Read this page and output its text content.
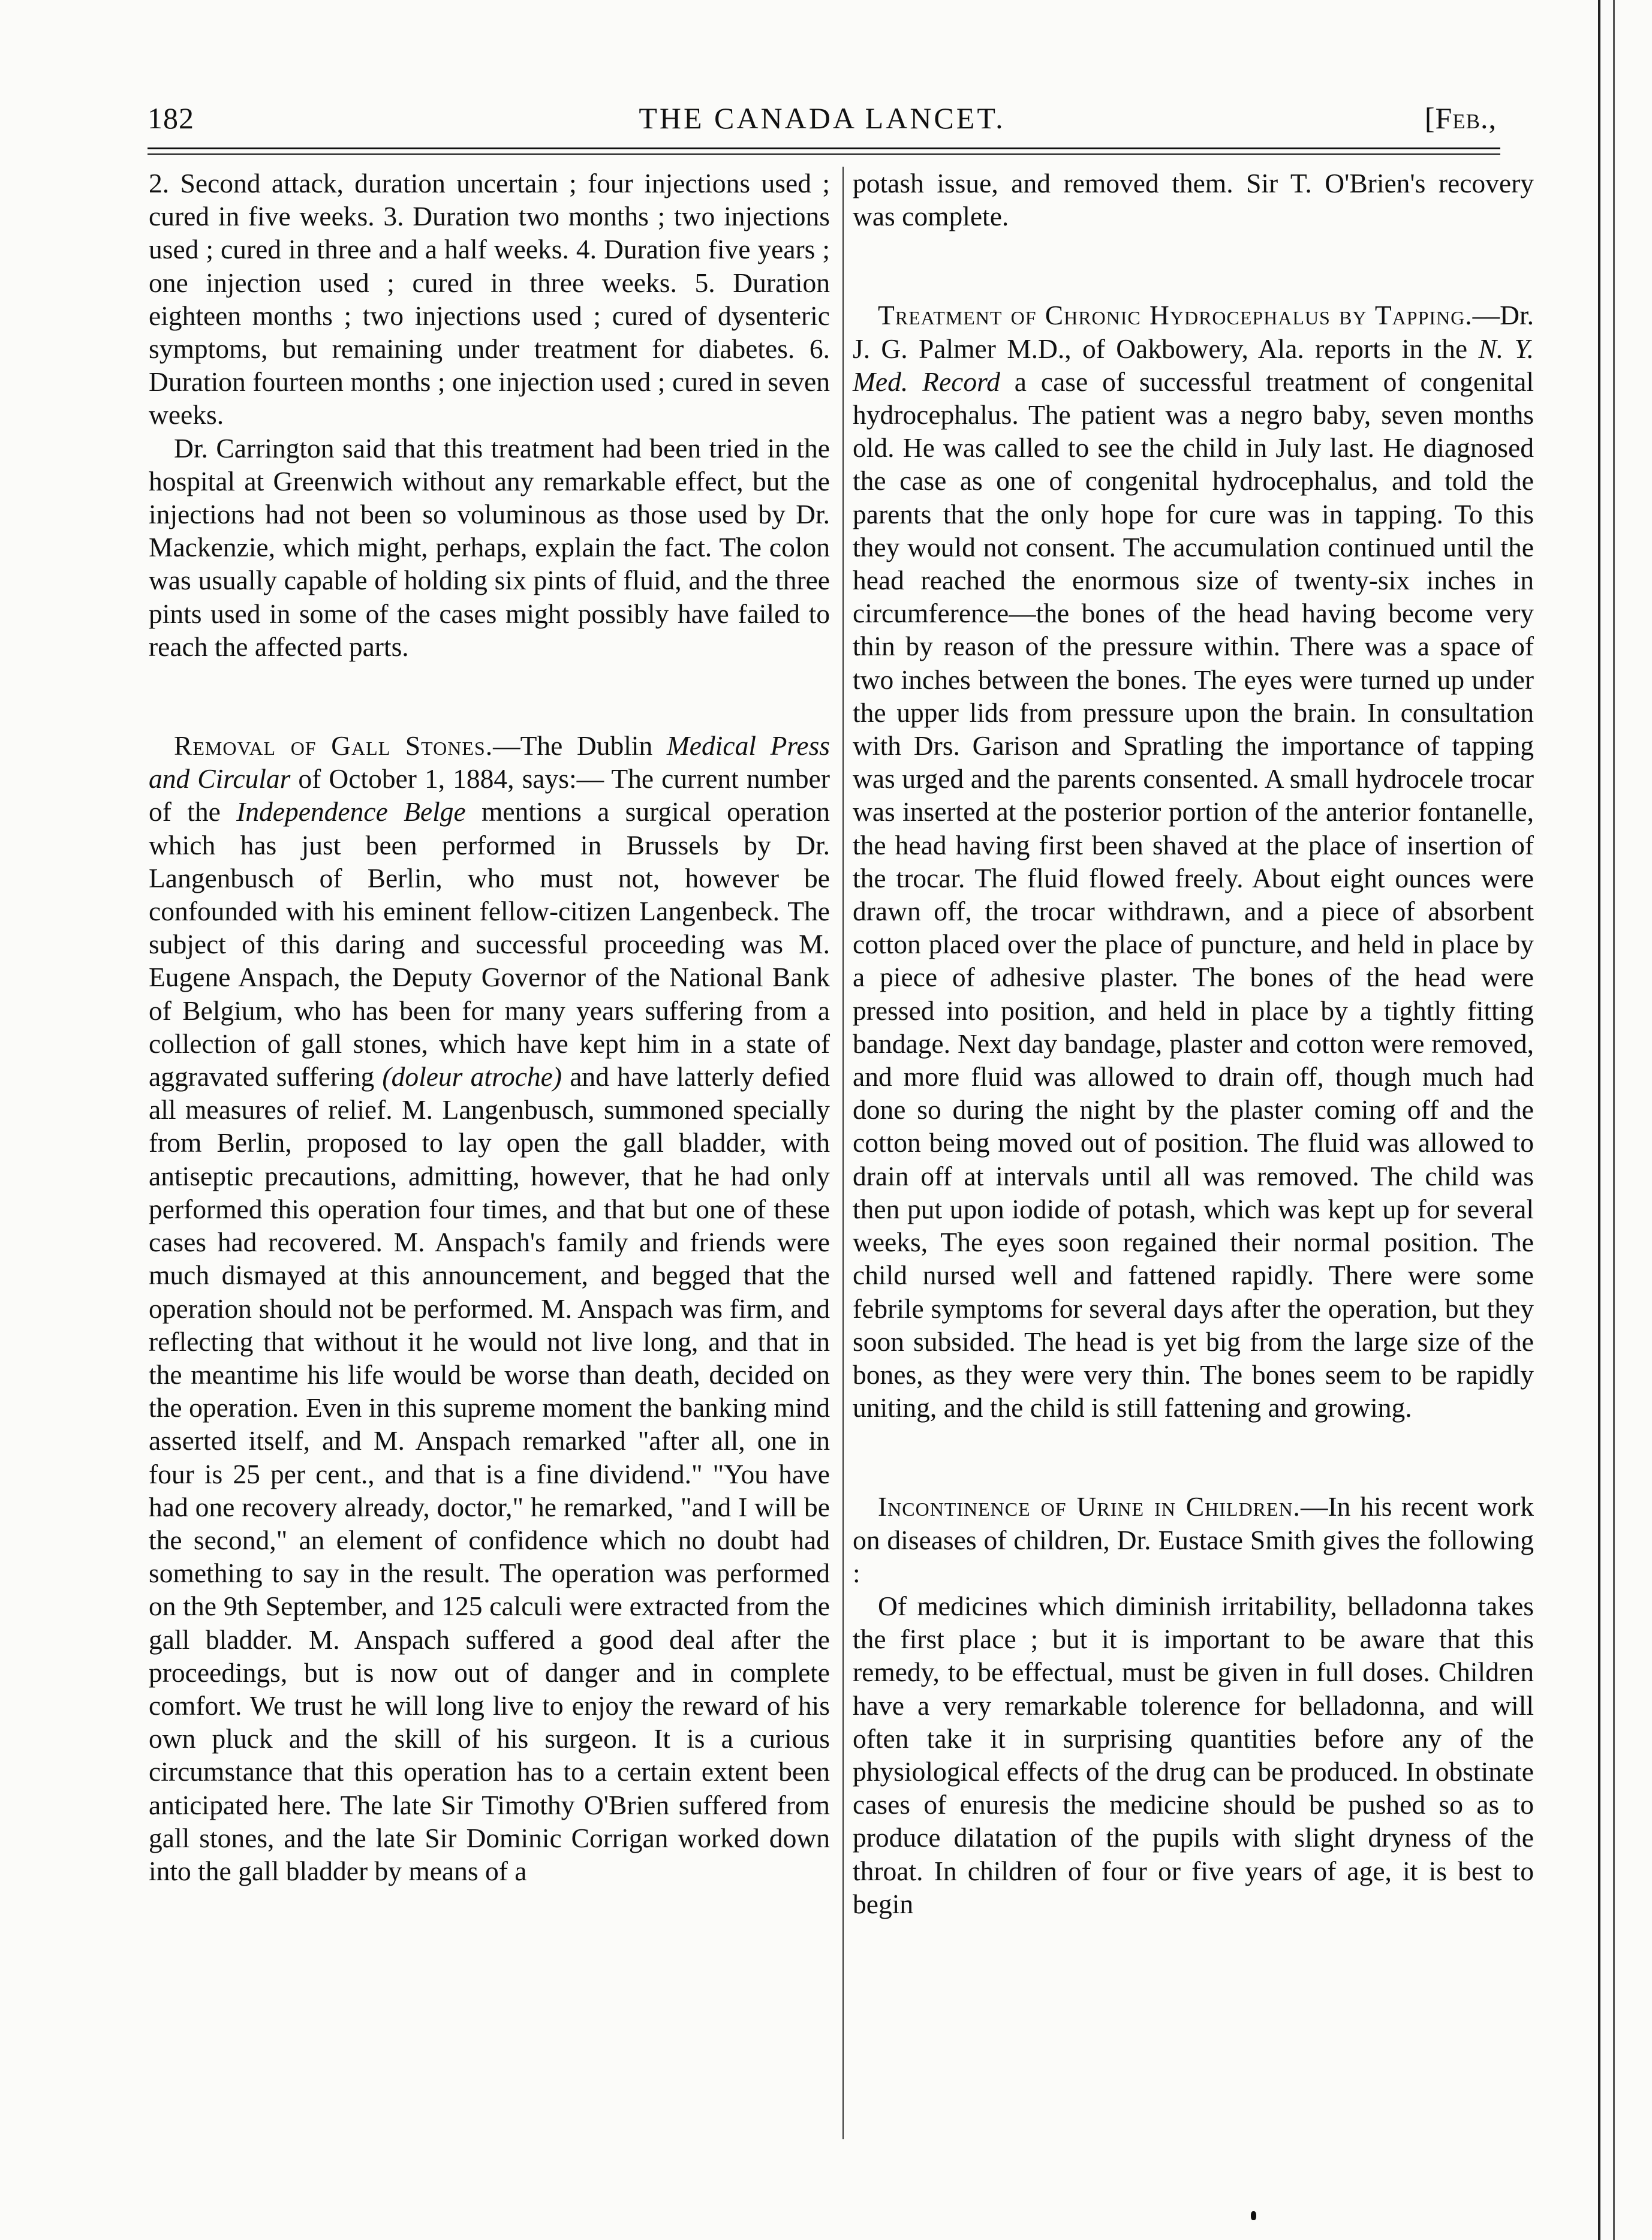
182	THE CANADA LANCET.	[Feb.,

2. Second attack, duration uncertain ; four injections used ; cured in five weeks. 3. Duration two months ; two injections used ; cured in three and a half weeks. 4. Duration five years ; one injection used ; cured in three weeks. 5. Duration eighteen months ; two injections used ; cured of dysenteric symptoms, but remaining under treatment for diabetes. 6. Duration fourteen months ; one injection used ; cured in seven weeks.

Dr. Carrington said that this treatment had been tried in the hospital at Greenwich without any remarkable effect, but the injections had not been so voluminous as those used by Dr. Mackenzie, which might, perhaps, explain the fact. The colon was usually capable of holding six pints of fluid, and the three pints used in some of the cases might possibly have failed to reach the affected parts.

Removal of Gall Stones.—The Dublin Medical Press and Circular of October 1, 1884, says:— The current number of the Independence Belge mentions a surgical operation which has just been performed in Brussels by Dr. Langenbusch of Berlin, who must not, however be confounded with his eminent fellow-citizen Langenbeck. The subject of this daring and successful proceeding was M. Eugene Anspach, the Deputy Governor of the National Bank of Belgium, who has been for many years suffering from a collection of gall stones, which have kept him in a state of aggravated suffering (doleur atroche) and have latterly defied all measures of relief. M. Langenbusch, summoned specially from Berlin, proposed to lay open the gall bladder, with antiseptic precautions, admitting, however, that he had only performed this operation four times, and that but one of these cases had recovered. M. Anspach's family and friends were much dismayed at this announcement, and begged that the operation should not be performed. M. Anspach was firm, and reflecting that without it he would not live long, and that in the meantime his life would be worse than death, decided on the operation. Even in this supreme moment the banking mind asserted itself, and M. Anspach remarked "after all, one in four is 25 per cent., and that is a fine dividend." "You have had one recovery already, doctor," he remarked, "and I will be the second," an element of confidence which no doubt had something to say in the result. The operation was performed on the 9th September, and 125 calculi were extracted from the gall bladder. M. Anspach suffered a good deal after the proceedings, but is now out of danger and in complete comfort. We trust he will long live to enjoy the reward of his own pluck and the skill of his surgeon. It is a curious circumstance that this operation has to a certain extent been anticipated here. The late Sir Timothy O'Brien suffered from gall stones, and the late Sir Dominic Corrigan worked down into the gall bladder by means of a

potash issue, and removed them. Sir T. O'Brien's recovery was complete.

Treatment of Chronic Hydrocephalus by Tapping.—Dr. J. G. Palmer M.D., of Oakbowery, Ala. reports in the N. Y. Med. Record a case of successful treatment of congenital hydrocephalus. The patient was a negro baby, seven months old. He was called to see the child in July last. He diagnosed the case as one of congenital hydrocephalus, and told the parents that the only hope for cure was in tapping. To this they would not consent. The accumulation continued until the head reached the enormous size of twenty-six inches in circumference—the bones of the head having become very thin by reason of the pressure within. There was a space of two inches between the bones. The eyes were turned up under the upper lids from pressure upon the brain. In consultation with Drs. Garison and Spratling the importance of tapping was urged and the parents consented. A small hydrocele trocar was inserted at the posterior portion of the anterior fontanelle, the head having first been shaved at the place of insertion of the trocar. The fluid flowed freely. About eight ounces were drawn off, the trocar withdrawn, and a piece of absorbent cotton placed over the place of puncture, and held in place by a piece of adhesive plaster. The bones of the head were pressed into position, and held in place by a tightly fitting bandage. Next day bandage, plaster and cotton were removed, and more fluid was allowed to drain off, though much had done so during the night by the plaster coming off and the cotton being moved out of position. The fluid was allowed to drain off at intervals until all was removed. The child was then put upon iodide of potash, which was kept up for several weeks, The eyes soon regained their normal position. The child nursed well and fattened rapidly. There were some febrile symptoms for several days after the operation, but they soon subsided. The head is yet big from the large size of the bones, as they were very thin. The bones seem to be rapidly uniting, and the child is still fattening and growing.

Incontinence of Urine in Children.—In his recent work on diseases of children, Dr. Eustace Smith gives the following :

Of medicines which diminish irritability, belladonna takes the first place ; but it is important to be aware that this remedy, to be effectual, must be given in full doses. Children have a very remarkable tolerence for belladonna, and will often take it in surprising quantities before any of the physiological effects of the drug can be produced. In obstinate cases of enuresis the medicine should be pushed so as to produce dilatation of the pupils with slight dryness of the throat. In children of four or five years of age, it is best to begin
